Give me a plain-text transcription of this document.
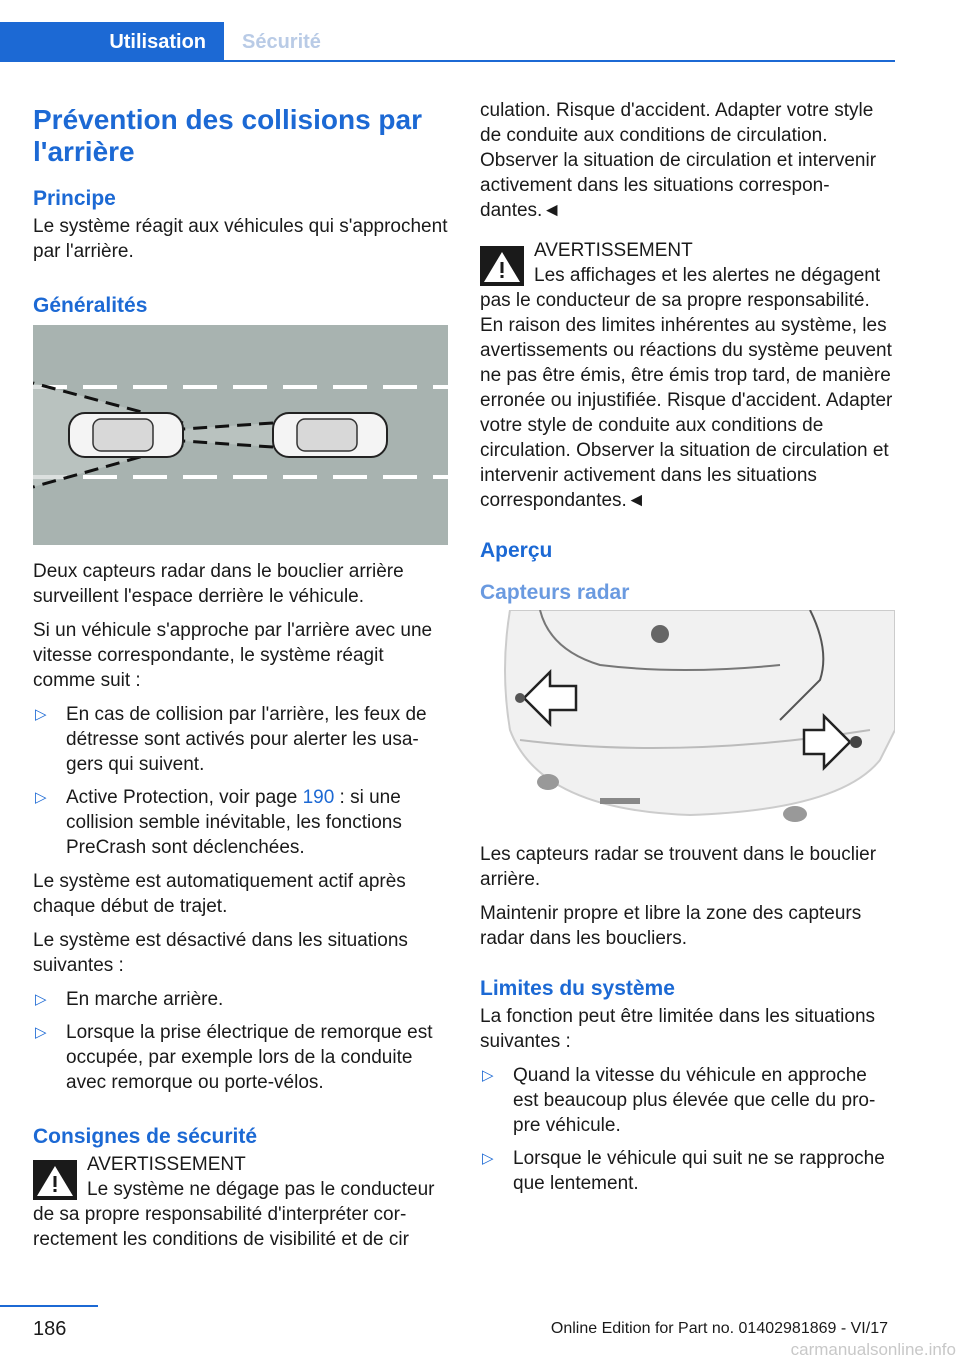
Utilisation	Sécurité
Prévention des collisions par l'arrière
Principe
Le système réagit aux véhicules qui s'approchent par l'arrière.
Généralités
Deux capteurs radar dans le bouclier arrière surveillent l'espace derrière le véhicule.
Si un véhicule s'approche par l'arrière avec une vitesse correspondante, le système réagit comme suit :
▷ En cas de collision par l'arrière, les feux de détresse sont activés pour alerter les usagers qui suivent.
▷ Active Protection, voir page 190 : si une collision semble inévitable, les fonctions PreCrash sont déclenchées.
Le système est automatiquement actif après chaque début de trajet.
Le système est désactivé dans les situations suivantes :
▷ En marche arrière.
▷ Lorsque la prise électrique de remorque est occupée, par exemple lors de la conduite avec remorque ou porte-vélos.
Consignes de sécurité
AVERTISSEMENT
Le système ne dégage pas le conducteur de sa propre responsabilité d'interpréter correctement les conditions de visibilité et de cir
culation. Risque d'accident. Adapter votre style de conduite aux conditions de circulation. Observer la situation de circulation et intervenir activement dans les situations correspondantes.◄
AVERTISSEMENT
Les affichages et les alertes ne dégagent pas le conducteur de sa propre responsabilité. En raison des limites inhérentes au système, les avertissements ou réactions du système peuvent ne pas être émis, être émis trop tard, de manière erronée ou injustifiée. Risque d'accident. Adapter votre style de conduite aux conditions de circulation. Observer la situation de circulation et intervenir activement dans les situations correspondantes.◄
Aperçu
Capteurs radar
Les capteurs radar se trouvent dans le bouclier arrière.
Maintenir propre et libre la zone des capteurs radar dans les boucliers.
Limites du système
La fonction peut être limitée dans les situations suivantes :
▷ Quand la vitesse du véhicule en approche est beaucoup plus élevée que celle du propre véhicule.
▷ Lorsque le véhicule qui suit ne se rapproche que lentement.
186	Online Edition for Part no. 01402981869 - VI/17
carmanualsonline.info
